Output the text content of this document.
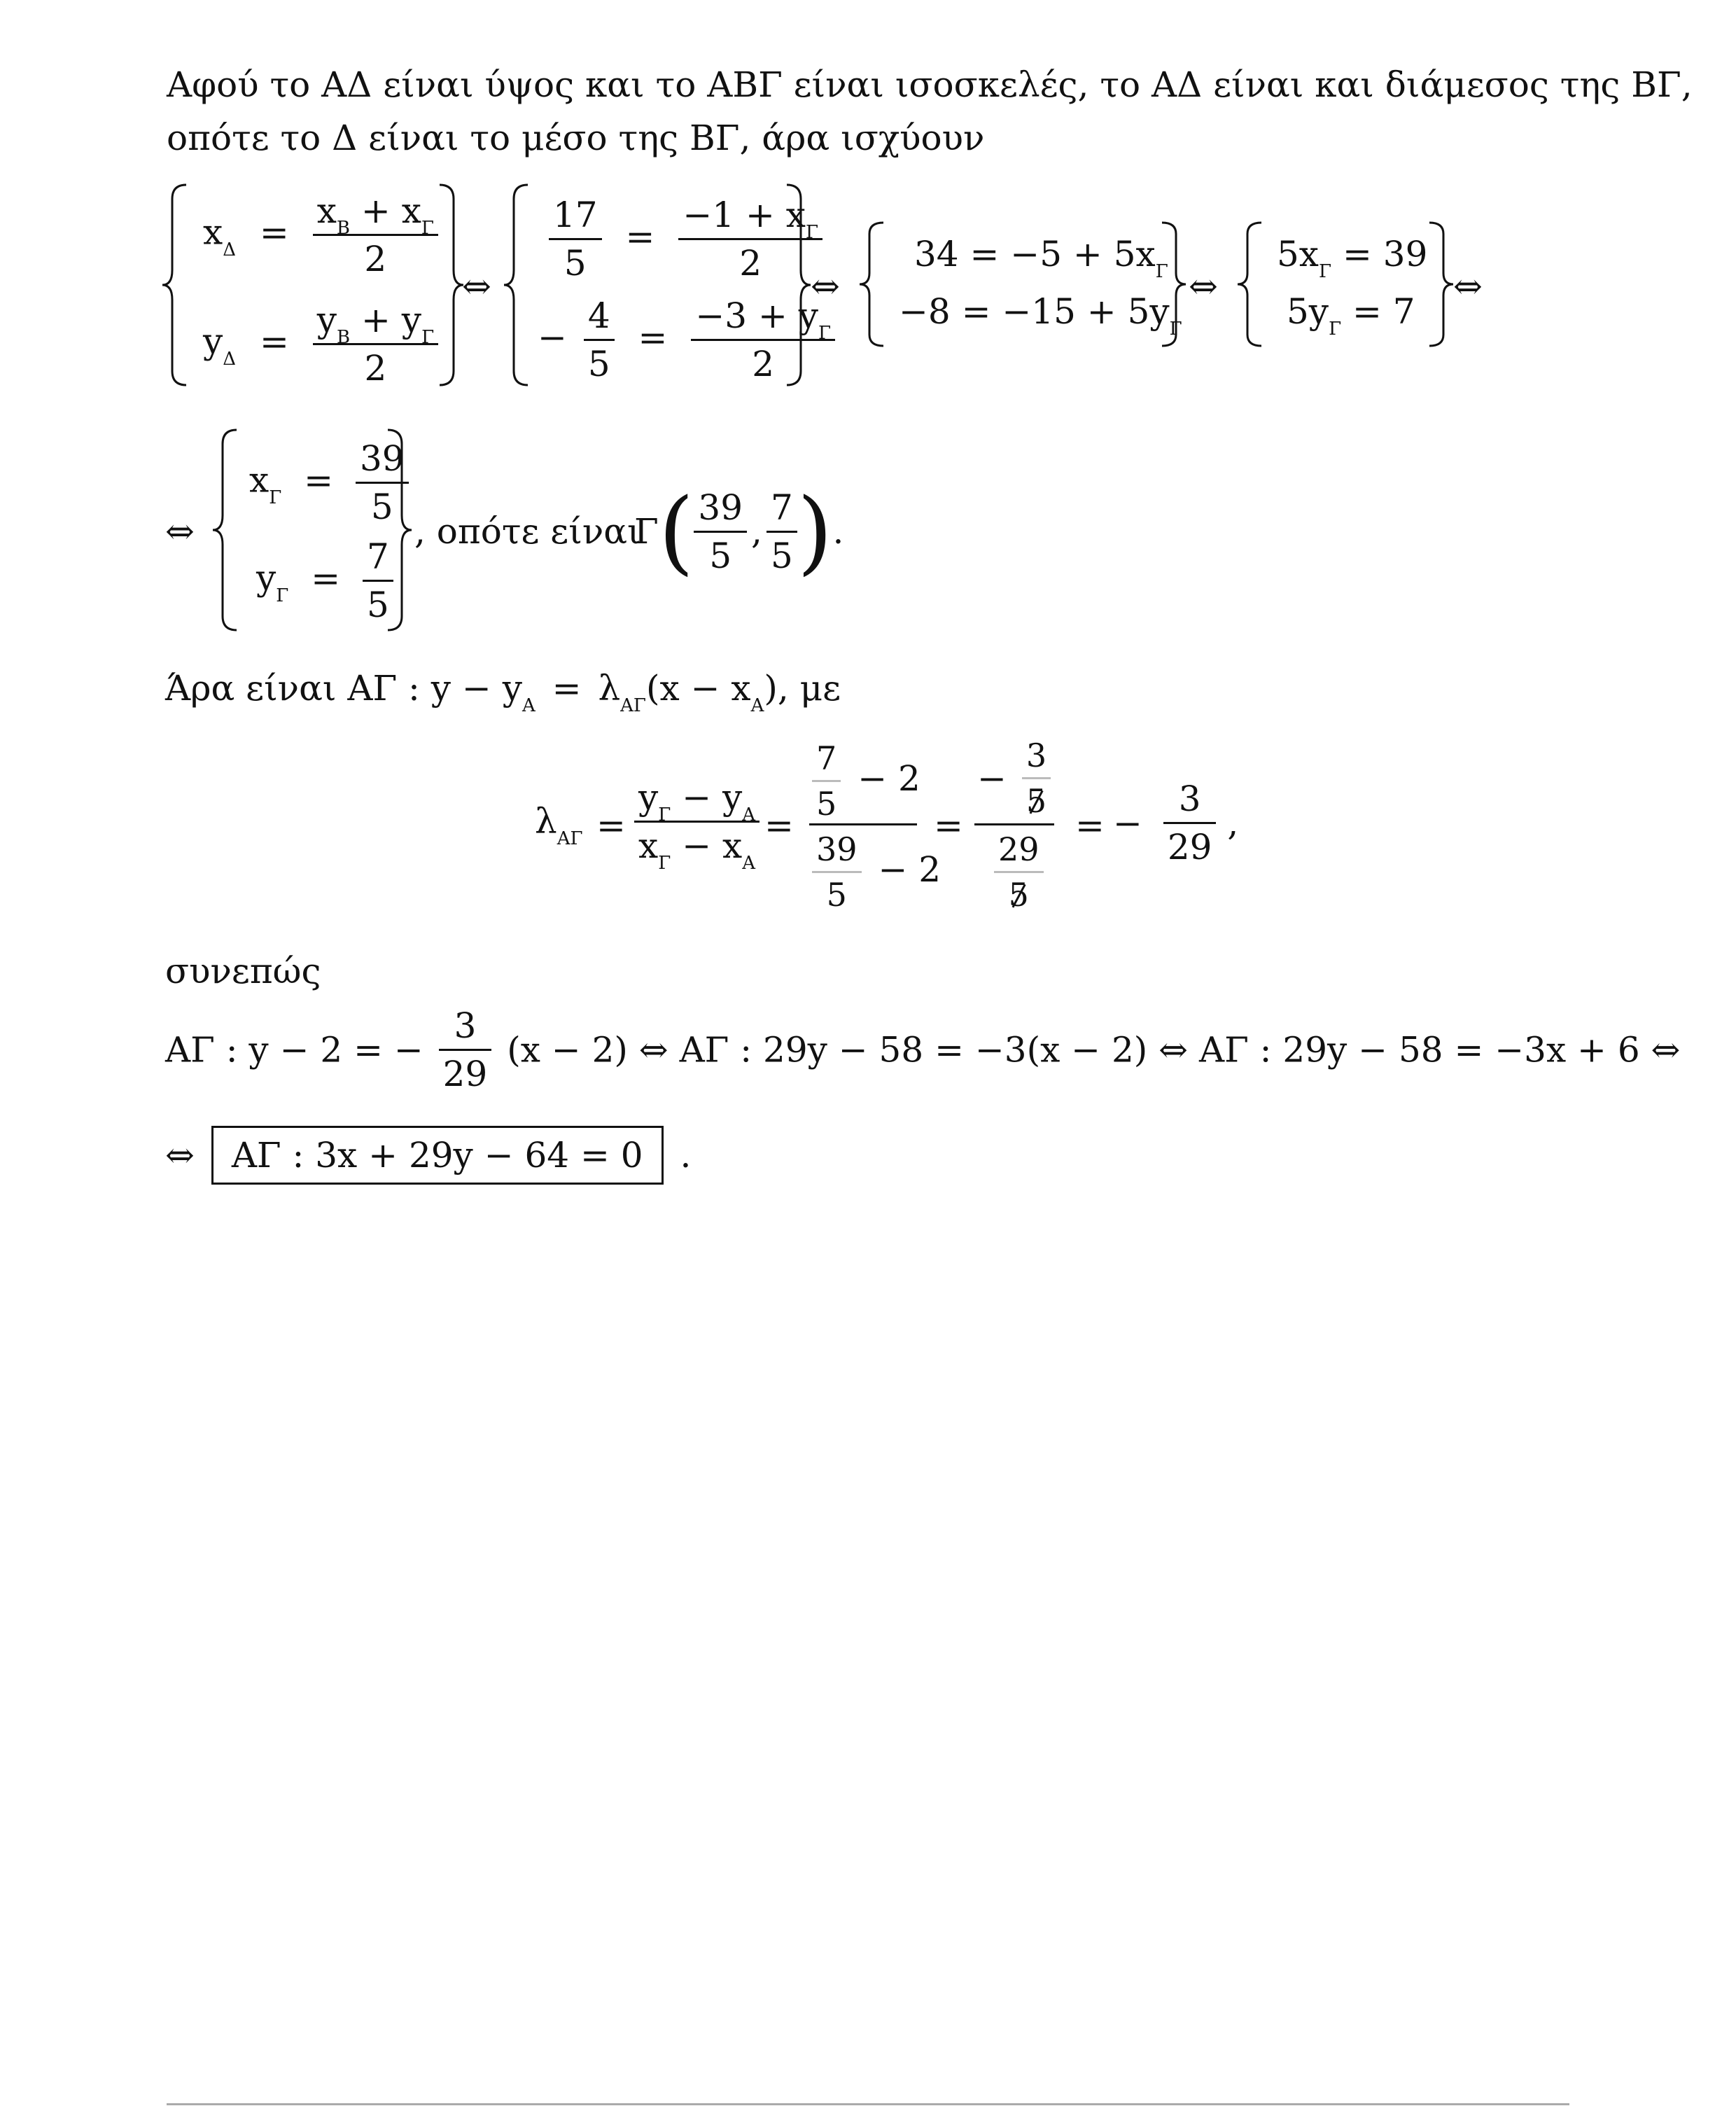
Αφού το ΑΔ είναι ύψος και το ΑΒΓ είναι ισοσκελές, το ΑΔ είναι και διάμεσος της ΒΓ,
οπότε το Δ είναι το μέσο της ΒΓ, άρα ισχύουν
$x_\Delta = \frac{x_B + x_\Gamma}{2}$
$y_\Delta = \frac{y_B + y_\Gamma}{2}$
⇔
$\frac{17}{5} = \frac{-1 + x_\Gamma}{2}$
− $\frac{4}{5} = \frac{-3 + y_\Gamma}{2}$
⇔
$34 = -5 + 5x_\Gamma$
$-8 = -15 + 5y_\Gamma$
⇔
$5x_\Gamma = 39$
$5y_\Gamma = 7$
⇔
⇔
$x_\Gamma = \frac{39}{5}$
$y_\Gamma = \frac{7}{5}$
, οπότε είναι
$\Gamma( \frac{39}{5}$ , $\frac{7}{5}$ ).
Άρα είναι ΑΓ : $y - y_A = \lambda_{A\Gamma}(x - x_A)$, με
$\lambda_{A\Gamma} = \frac{y_\Gamma - y_A}{x_\Gamma - x_A}$ =
$\frac{7}{5} - 2$
$\frac{39}{5} - 2$
=
− $\frac{3}{5}$
$\frac{29}{5}$
= − $\frac{3}{29}$ ,
συνεπώς
ΑΓ : y − 2 = − $\frac{3}{29} (x - 2)$ ⇔ ΑΓ : 29y − 58 = −3(x − 2) ⇔ ΑΓ : 29y − 58 = −3x + 6 ⇔
⇔ ΑΓ : 3x + 29y − 64 = 0 .
